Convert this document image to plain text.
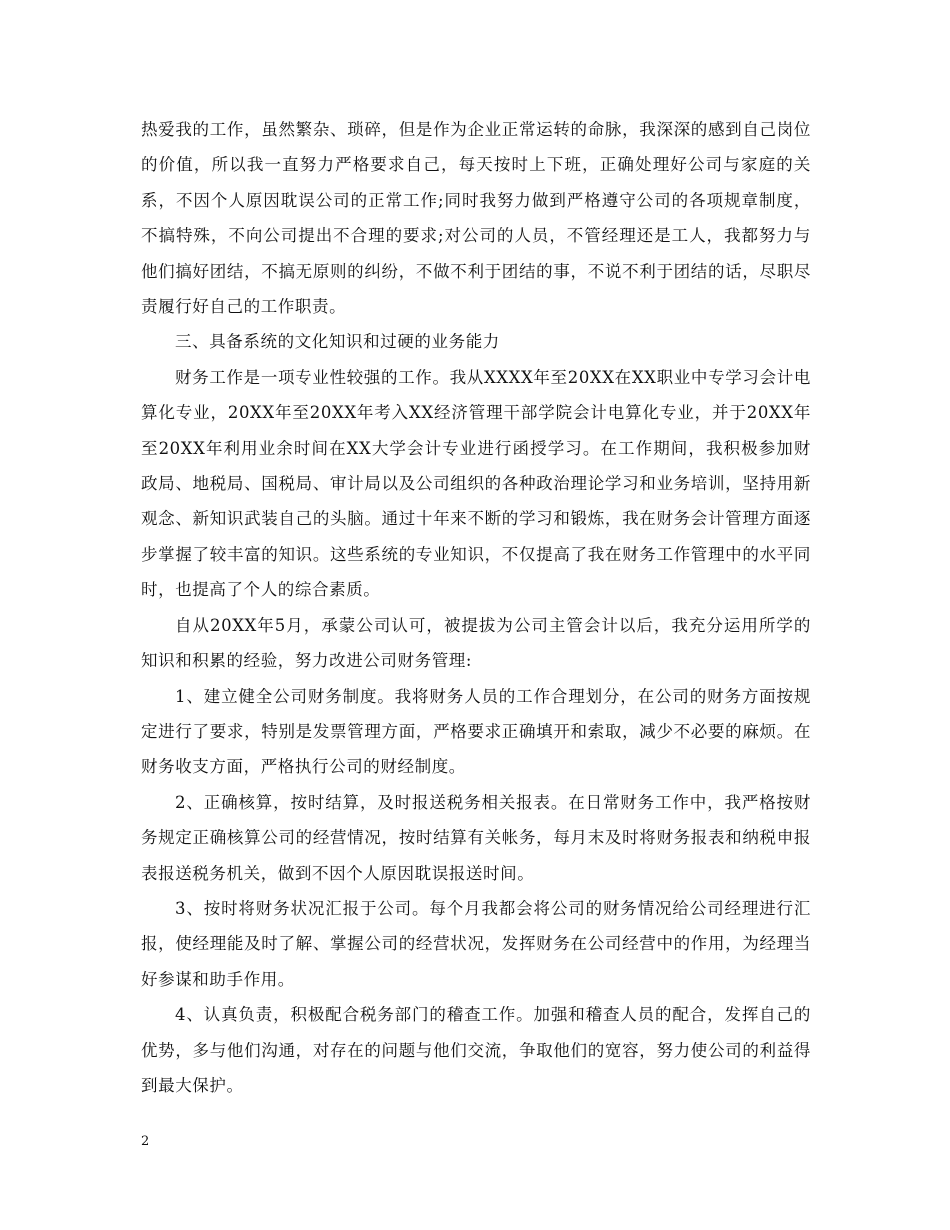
热爱我的工作，虽然繁杂、琐碎，但是作为企业正常运转的命脉，我深深的感到自己岗位的价值，所以我一直努力严格要求自己，每天按时上下班，正确处理好公司与家庭的关系，不因个人原因耽误公司的正常工作;同时我努力做到严格遵守公司的各项规章制度，不搞特殊，不向公司提出不合理的要求;对公司的人员，不管经理还是工人，我都努力与他们搞好团结，不搞无原则的纠纷，不做不利于团结的事，不说不利于团结的话，尽职尽责履行好自己的工作职责。

三、具备系统的文化知识和过硬的业务能力

财务工作是一项专业性较强的工作。我从XXXX年至20XX在XX职业中专学习会计电算化专业，20XX年至20XX年考入XX经济管理干部学院会计电算化专业，并于20XX年至20XX年利用业余时间在XX大学会计专业进行函授学习。在工作期间，我积极参加财政局、地税局、国税局、审计局以及公司组织的各种政治理论学习和业务培训，坚持用新观念、新知识武装自己的头脑。通过十年来不断的学习和锻炼，我在财务会计管理方面逐步掌握了较丰富的知识。这些系统的专业知识，不仅提高了我在财务工作管理中的水平同时，也提高了个人的综合素质。

自从20XX年5月，承蒙公司认可，被提拔为公司主管会计以后，我充分运用所学的知识和积累的经验，努力改进公司财务管理:

1、建立健全公司财务制度。我将财务人员的工作合理划分，在公司的财务方面按规定进行了要求，特别是发票管理方面，严格要求正确填开和索取，减少不必要的麻烦。在财务收支方面，严格执行公司的财经制度。

2、正确核算，按时结算，及时报送税务相关报表。在日常财务工作中，我严格按财务规定正确核算公司的经营情况，按时结算有关帐务，每月末及时将财务报表和纳税申报表报送税务机关，做到不因个人原因耽误报送时间。

3、按时将财务状况汇报于公司。每个月我都会将公司的财务情况给公司经理进行汇报，使经理能及时了解、掌握公司的经营状况，发挥财务在公司经营中的作用，为经理当好参谋和助手作用。

4、认真负责，积极配合税务部门的稽查工作。加强和稽查人员的配合，发挥自己的优势，多与他们沟通，对存在的问题与他们交流，争取他们的宽容，努力使公司的利益得到最大保护。

2
